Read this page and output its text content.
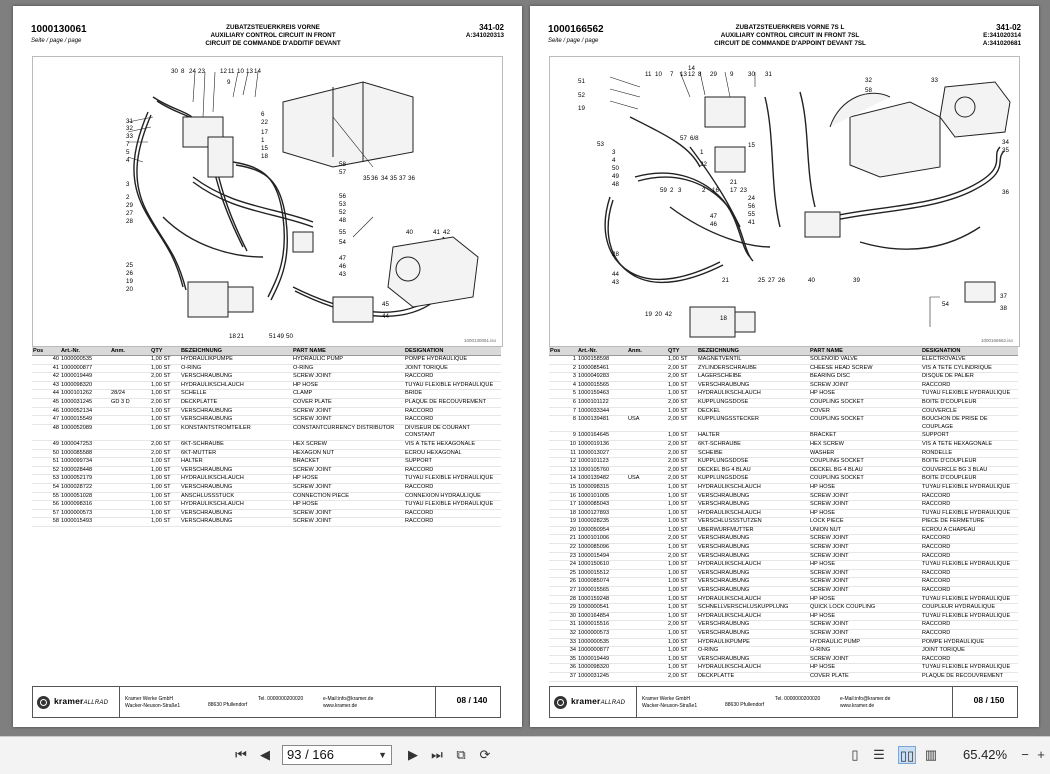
1000130061
Seite / page / page
ZUBATZSTEUERKREIS VORNE
AUXILIARY CONTROL CIRCUIT IN FRONT
CIRCUIT DE COMMANDE D'ADDITIF DEVANT
341-02
A:341020313
30 8 24 23 12 11 10 13 14
9
22
6
1
15
18
17
31
32
33
7
5
3
4
35 36 34 35 37 36
58
57
2
29
27
28
56
53
52
48
55	40	41 42
26
25
19
20
54
47
46
43
45
44
18 21	51 49 50
1000130061.iso
Pos	Art.-Nr.	Anm.	QTY	BEZEICHNUNG	PART NAME	DESIGNATION
40	1000000535		1,00 ST	HYDRAULIKPUMPE	HYDRAULIC PUMP	POMPE HYDRAULIQUE
41	1000000877		1,00 ST	O-RING	O-RING	JOINT TORIQUE
42	1000019449		2,00 ST	VERSCHRAUBUNG	SCREW JOINT	RACCORD
43	1000098320		1,00 ST	HYDRAULIKSCHLAUCH	HP HOSE	TUYAU FLEXIBLE HYDRAULIQUE
44	1000101262	28/24	1,00 ST	SCHELLE	CLAMP	BRIDE
45	1000031245	GD 3 D	2,00 ST	DECKPLATTE	COVER PLATE	PLAQUE DE RECOUVREMENT
46	1000052134		1,00 ST	VERSCHRAUBUNG	SCREW JOINT	RACCORD
47	1000015549		1,00 ST	VERSCHRAUBUNG	SCREW JOINT	RACCORD
48	1000052089		1,00 ST	KONSTANTSTROMTEILER	CONSTANTCURRENCY DISTRIBUTOR	DIVISEUR DE COURANT CONSTANT
49	1000047253		2,00 ST	6KT-SCHRAUBE	HEX SCREW	VIS À TÊTE HEXAGONALE
50	1000085588		2,00 ST	6KT-MUTTER	HEXAGON NUT	ECROU HEXAGONAL
51	1000099734		1,00 ST	HALTER	BRACKET	SUPPORT
52	1000028448		1,00 ST	VERSCHRAUBUNG	SCREW JOINT	RACCORD
53	1000052179		1,00 ST	HYDRAULIKSCHLAUCH	HP HOSE	TUYAU FLEXIBLE HYDRAULIQUE
54	1000028722		1,00 ST	VERSCHRAUBUNG	SCREW JOINT	RACCORD
55	1000051028		1,00 ST	ANSCHLUSSSTÜCK	CONNECTION PIECE	CONNEXION HYDRAULIQUE
56	1000098316		1,00 ST	HYDRAULIKSCHLAUCH	HP HOSE	TUYAU FLEXIBLE HYDRAULIQUE
57	1000000573		1,00 ST	VERSCHRAUBUNG	SCREW JOINT	RACCORD
58	1000015493		1,00 ST	VERSCHRAUBUNG	SCREW JOINT	RACCORD
kramerALLRAD
Kramer Werke GmbH
Wacker-Neuson-Straße1	88630 Pfullendorf
Tel. 0000000200020	e-Mail:info@kramer.de
www.kramer.de
08 / 140
1000166562
Seite / page / page
ZUBATZSTEUERKREIS VORNE 7S L
AUXILIARY CONTROL CIRCUIT IN FRONT 7SL
CIRCUIT DE COMMANDE D'APPOINT DEVANT 7SL
341-02
E:341020314
A:341020681
51
52
19
53
3
4
50
49
48
11 10 7 13
14
12 8 29 9 30 31
32
58
33
34
35
15
57 6/8
1
22
16
2
59 2 3
21
17 23
24
56
55
41
47
46
28
44
43	40	39
36
25 27 26
37
38
54
21
19 20 42
18
1000166562.iso
Pos	Art.-Nr.	Anm.	QTY	BEZEICHNUNG	PART NAME	DESIGNATION
1	1000158598		1,00 ST	MAGNETVENTIL	SOLENOID VALVE	ÉLECTROVALVE
2	1000085461		2,00 ST	ZYLINDERSCHRAUBE	CHEESE HEAD SCREW	VIS À TÊTE CYLINDRIQUE
3	1000049283		2,00 ST	LAGERSCHEIBE	BEARING DISC	DISQUE DE PALIER
4	1000015565		1,00 ST	VERSCHRAUBUNG	SCREW JOINT	RACCORD
5	1000159463		1,00 ST	HYDRAULIKSCHLAUCH	HP HOSE	TUYAU FLEXIBLE HYDRAULIQUE
6	1000101122		2,00 ST	KUPPLUNGSDOSE	COUPLING SOCKET	BOÎTE D'COUPLEUR
7	1000033344		1,00 ST	DECKEL	COVER	COUVERCLE
8	1000139481	USA	2,00 ST	KUPPLUNGSSTECKER	COUPLING SOCKET	BOUCHON DE PRISE DE COUPLAGE
9	1000164645		1,00 ST	HALTER	BRACKET	SUPPORT
10	1000019136		2,00 ST	6KT-SCHRAUBE	HEX SCREW	VIS À TÊTE HEXAGONALE
11	1000013027		2,00 ST	SCHEIBE	WASHER	RONDELLE
12	1000101123		2,00 ST	KUPPLUNGSDOSE	COUPLING SOCKET	BOÎTE D'COUPLEUR
13	1000105760		2,00 ST	DECKEL BG 4 BLAU	DECKEL BG 4 BLAU	COUVERCLE BG 3 BLAU
14	1000139482	USA	2,00 ST	KUPPLUNGSDOSE	COUPLING SOCKET	BOÎTE D'COUPLEUR
15	1000098315		1,00 ST	HYDRAULIKSCHLAUCH	HP HOSE	TUYAU FLEXIBLE HYDRAULIQUE
16	1000101005		1,00 ST	VERSCHRAUBUNG	SCREW JOINT	RACCORD
17	1000085043		1,00 ST	VERSCHRAUBUNG	SCREW JOINT	RACCORD
18	1000127893		1,00 ST	HYDRAULIKSCHLAUCH	HP HOSE	TUYAU FLEXIBLE HYDRAULIQUE
19	1000028235		1,00 ST	VERSCHLUSSSTUTZEN	LOCK PIECE	PIÈCE DE FERMETURE
20	1000050954		1,00 ST	ÜBERWURFMUTTER	UNION NUT	ÉCROU A CHAPEAU
21	1000101006		2,00 ST	VERSCHRAUBUNG	SCREW JOINT	RACCORD
22	1000085096		1,00 ST	VERSCHRAUBUNG	SCREW JOINT	RACCORD
23	1000015494		2,00 ST	VERSCHRAUBUNG	SCREW JOINT	RACCORD
24	1000150610		1,00 ST	HYDRAULIKSCHLAUCH	HP HOSE	TUYAU FLEXIBLE HYDRAULIQUE
25	1000015512		1,00 ST	VERSCHRAUBUNG	SCREW JOINT	RACCORD
26	1000085074		1,00 ST	VERSCHRAUBUNG	SCREW JOINT	RACCORD
27	1000015565		1,00 ST	VERSCHRAUBUNG	SCREW JOINT	RACCORD
28	1000159248		1,00 ST	HYDRAULIKSCHLAUCH	HP HOSE	TUYAU FLEXIBLE HYDRAULIQUE
29	1000000541		1,00 ST	SCHNELLVERSCHLUSKUPPLUNG	QUICK LOCK COUPLING	COUPLEUR HYDRAULIQUE
30	1000164854		1,00 ST	HYDRAULIKSCHLAUCH	HP HOSE	TUYAU FLEXIBLE HYDRAULIQUE
31	1000015516		2,00 ST	VERSCHRAUBUNG	SCREW JOINT	RACCORD
32	1000000573		1,00 ST	VERSCHRAUBUNG	SCREW JOINT	RACCORD
33	1000000535		1,00 ST	HYDRAULIKPUMPE	HYDRAULIC PUMP	POMPE HYDRAULIQUE
34	1000000877		1,00 ST	O-RING	O-RING	JOINT TORIQUE
35	1000019449		1,00 ST	VERSCHRAUBUNG	SCREW JOINT	RACCORD
36	1000098320		1,00 ST	HYDRAULIKSCHLAUCH	HP HOSE	TUYAU FLEXIBLE HYDRAULIQUE
37	1000031245		2,00 ST	DECKPLATTE	COVER PLATE	PLAQUE DE RECOUVREMENT
kramerALLRAD
Kramer Werke GmbH
Wacker-Neuson-Straße1	88630 Pfullendorf
Tel. 0000000200020	e-Mail:info@kramer.de
www.kramer.de
08 / 150
⏮	◀	93 / 166	▼	▶	⏭	⧉	⟳	▯	☰ ▯▯ ▥ 65.42%	− +
